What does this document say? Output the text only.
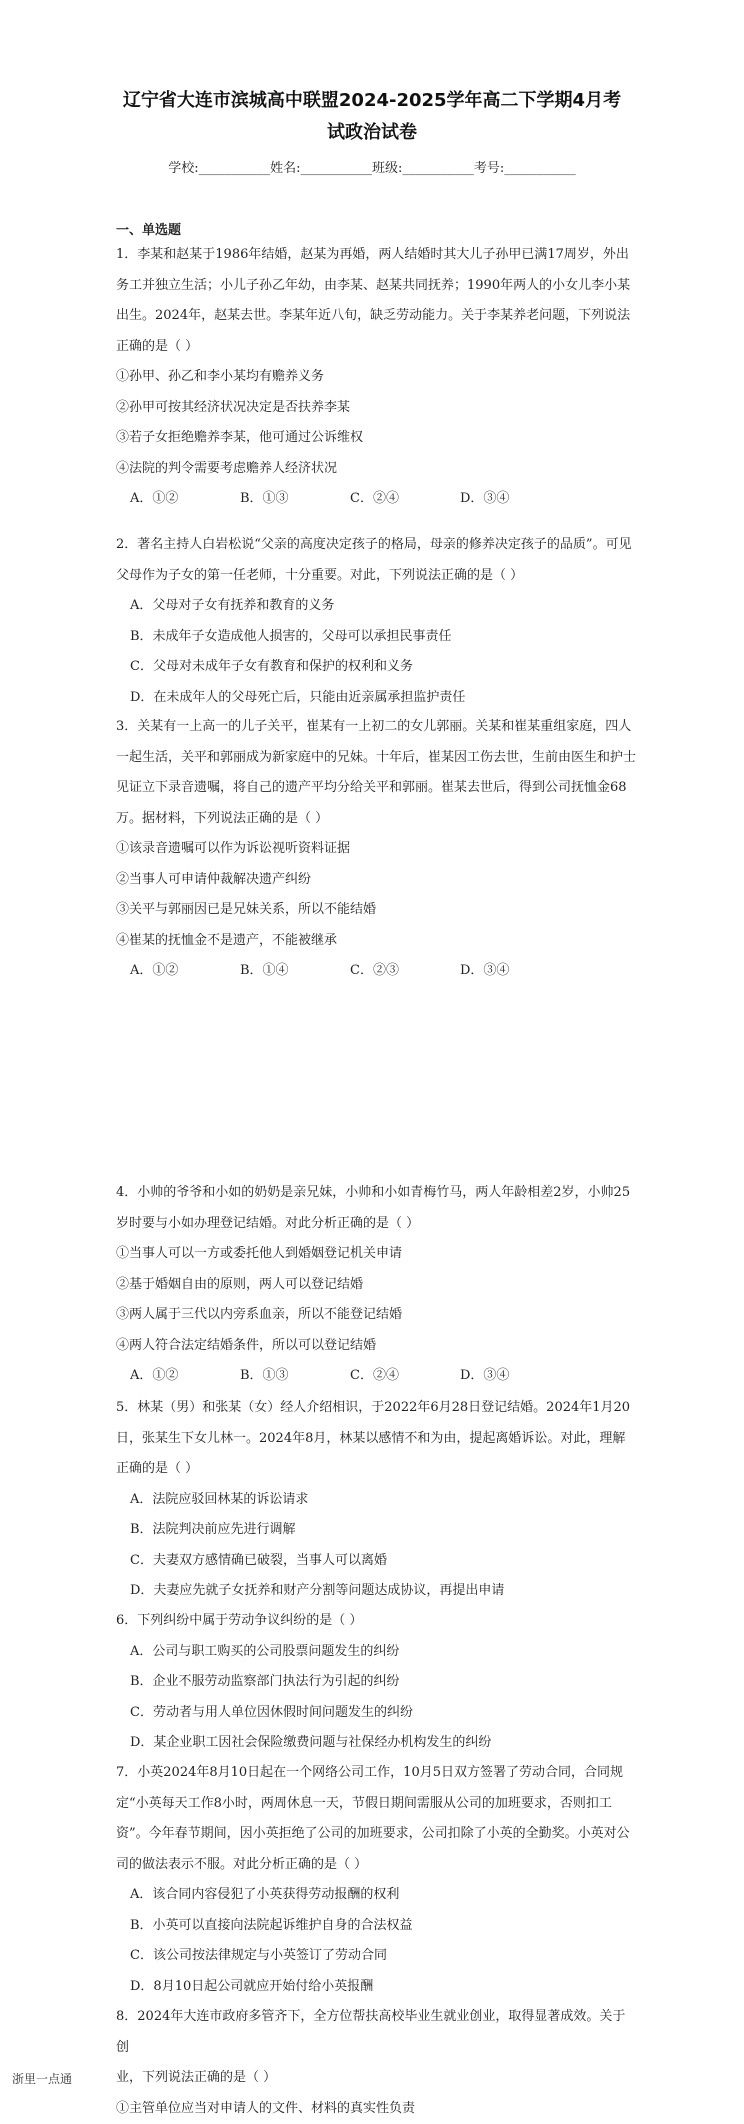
辽宁省大连市滨城高中联盟2024-2025学年高二下学期4月考
试政治试卷
学校:___________姓名:___________班级:___________考号:___________
一、单选题

1．李某和赵某于1986年结婚，赵某为再婚，两人结婚时其大儿子孙甲已满17周岁，外出

务工并独立生活；小儿子孙乙年幼，由李某、赵某共同抚养；1990年两人的小女儿李小某

出生。2024年，赵某去世。李某年近八旬，缺乏劳动能力。关于李某养老问题，下列说法

正确的是（ ）

①孙甲、孙乙和李小某均有赡养义务

②孙甲可按其经济状况决定是否扶养李某

③若子女拒绝赡养李某，他可通过公诉维权

④法院的判令需要考虑赡养人经济状况

A．①②	B．①③	C．②④	D．③④

2．著名主持人白岩松说“父亲的高度决定孩子的格局，母亲的修养决定孩子的品质”。可见

父母作为子女的第一任老师，十分重要。对此，下列说法正确的是（ ）

A．父母对子女有抚养和教育的义务

B．未成年子女造成他人损害的，父母可以承担民事责任

C．父母对未成年子女有教育和保护的权利和义务

D．在未成年人的父母死亡后，只能由近亲属承担监护责任

3．关某有一上高一的儿子关平，崔某有一上初二的女儿郭丽。关某和崔某重组家庭，四人

一起生活，关平和郭丽成为新家庭中的兄妹。十年后，崔某因工伤去世，生前由医生和护士

见证立下录音遗嘱，将自己的遗产平均分给关平和郭丽。崔某去世后，得到公司抚恤金68

万。据材料，下列说法正确的是（ ）

①该录音遗嘱可以作为诉讼视听资料证据

②当事人可申请仲裁解决遗产纠纷

③关平与郭丽因已是兄妹关系，所以不能结婚

④崔某的抚恤金不是遗产，不能被继承

A．①②	B．①④	C．②③	D．③④

4．小帅的爷爷和小如的奶奶是亲兄妹，小帅和小如青梅竹马，两人年龄相差2岁，小帅25

岁时要与小如办理登记结婚。对此分析正确的是（ ）

①当事人可以一方或委托他人到婚姻登记机关申请

②基于婚姻自由的原则，两人可以登记结婚

③两人属于三代以内旁系血亲，所以不能登记结婚

④两人符合法定结婚条件，所以可以登记结婚

A．①②	B．①③	C．②④	D．③④

5．林某（男）和张某（女）经人介绍相识，于2022年6月28日登记结婚。2024年1月20

日，张某生下女儿林一。2024年8月，林某以感情不和为由，提起离婚诉讼。对此，理解

正确的是（ ）

A．法院应驳回林某的诉讼请求

B．法院判决前应先进行调解

C．夫妻双方感情确已破裂，当事人可以离婚

D．夫妻应先就子女抚养和财产分割等问题达成协议，再提出申请

6．下列纠纷中属于劳动争议纠纷的是（ ）

A．公司与职工购买的公司股票问题发生的纠纷

B．企业不服劳动监察部门执法行为引起的纠纷

C．劳动者与用人单位因休假时间问题发生的纠纷

D．某企业职工因社会保险缴费问题与社保经办机构发生的纠纷

7．小英2024年8月10日起在一个网络公司工作，10月5日双方签署了劳动合同，合同规

定“小英每天工作8小时，两周休息一天，节假日期间需服从公司的加班要求，否则扣工

资”。今年春节期间，因小英拒绝了公司的加班要求，公司扣除了小英的全勤奖。小英对公

司的做法表示不服。对此分析正确的是（ ）

A．该合同内容侵犯了小英获得劳动报酬的权利

B．小英可以直接向法院起诉维护自身的合法权益

C．该公司按法律规定与小英签订了劳动合同

D．8月10日起公司就应开始付给小英报酬

8．2024年大连市政府多管齐下，全方位帮扶高校毕业生就业创业，取得显著成效。关于创

业，下列说法正确的是（ ）

①主管单位应当对申请人的文件、材料的真实性负责

浙里一点通
